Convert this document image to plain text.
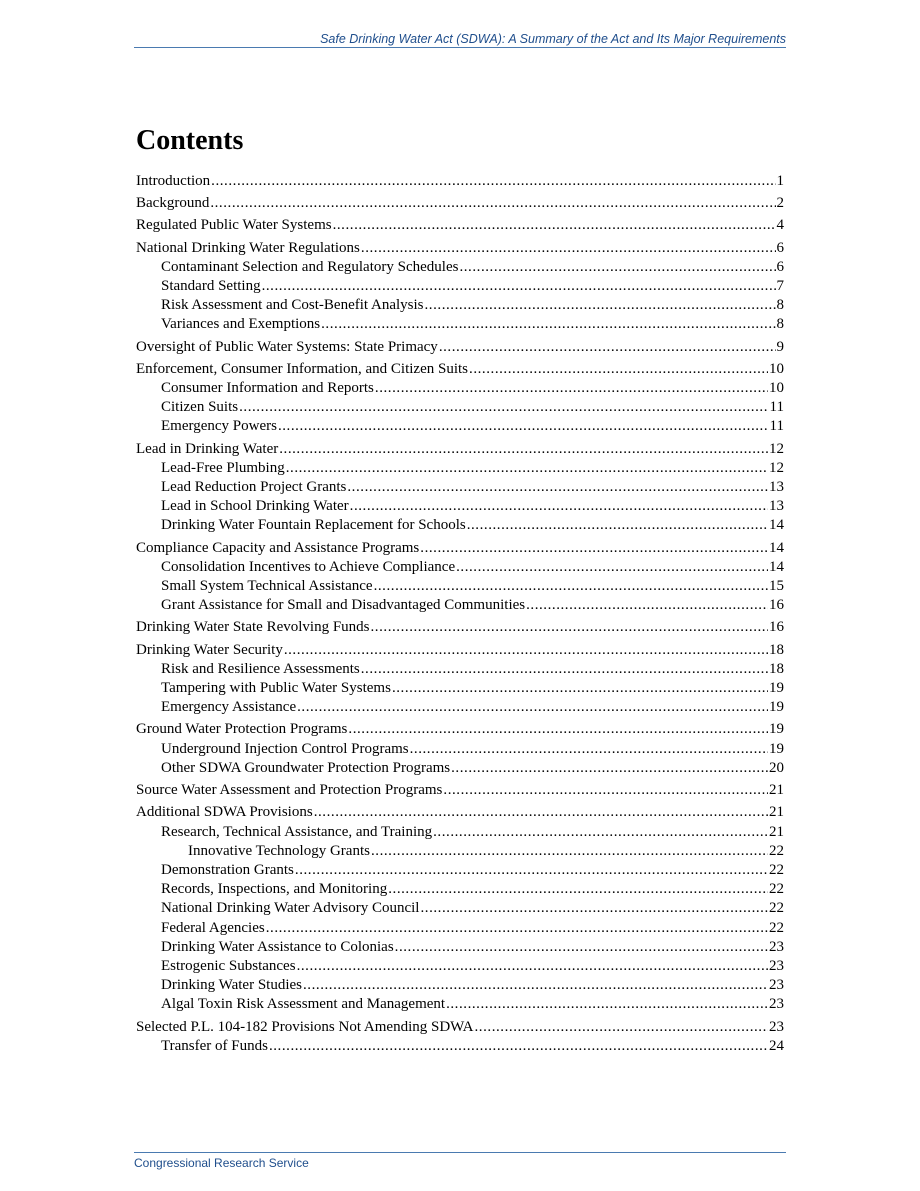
Safe Drinking Water Act (SDWA): A Summary of the Act and Its Major Requirements
Contents
Introduction . . .	1
Background . . .	2
Regulated Public Water Systems . . .	4
National Drinking Water Regulations . . .	6
Contaminant Selection and Regulatory Schedules . . .	6
Standard Setting . . .	7
Risk Assessment and Cost-Benefit Analysis . . .	8
Variances and Exemptions . . .	8
Oversight of Public Water Systems: State Primacy . . .	9
Enforcement, Consumer Information, and Citizen Suits . . .	10
Consumer Information and Reports . . .	10
Citizen Suits . . .	11
Emergency Powers . . .	11
Lead in Drinking Water . . .	12
Lead-Free Plumbing . . .	12
Lead Reduction Project Grants . . .	13
Lead in School Drinking Water . . .	13
Drinking Water Fountain Replacement for Schools . . .	14
Compliance Capacity and Assistance Programs . . .	14
Consolidation Incentives to Achieve Compliance . . .	14
Small System Technical Assistance . . .	15
Grant Assistance for Small and Disadvantaged Communities . . .	16
Drinking Water State Revolving Funds . . .	16
Drinking Water Security . . .	18
Risk and Resilience Assessments . . .	18
Tampering with Public Water Systems . . .	19
Emergency Assistance . . .	19
Ground Water Protection Programs . . .	19
Underground Injection Control Programs . . .	19
Other SDWA Groundwater Protection Programs . . .	20
Source Water Assessment and Protection Programs . . .	21
Additional SDWA Provisions . . .	21
Research, Technical Assistance, and Training . . .	21
Innovative Technology Grants . . .	22
Demonstration Grants . . .	22
Records, Inspections, and Monitoring . . .	22
National Drinking Water Advisory Council . . .	22
Federal Agencies . . .	22
Drinking Water Assistance to Colonias . . .	23
Estrogenic Substances . . .	23
Drinking Water Studies . . .	23
Algal Toxin Risk Assessment and Management . . .	23
Selected P.L. 104-182 Provisions Not Amending SDWA . . .	23
Transfer of Funds . . .	24
Congressional Research Service
